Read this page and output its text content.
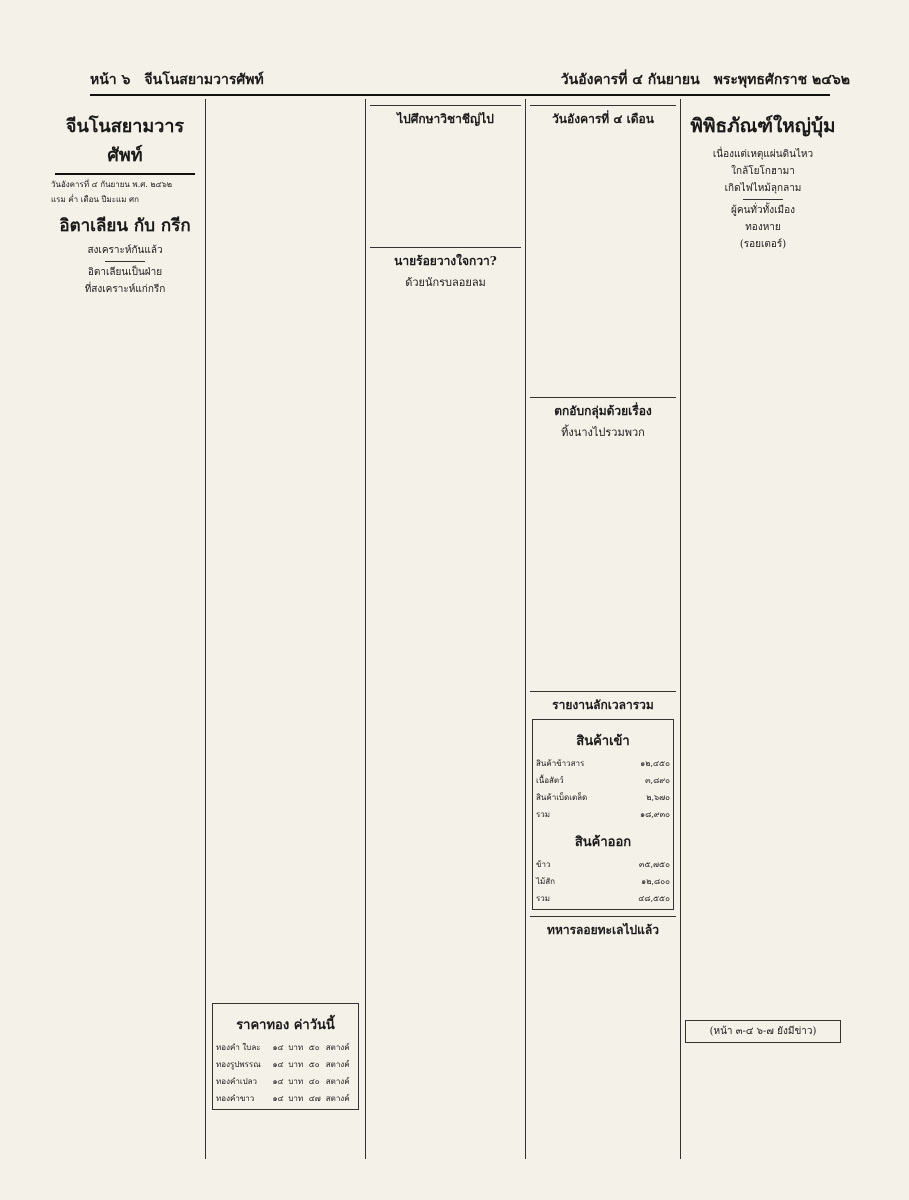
หน้า ๖ จีนโนสยามวารศัพท์	วันอังคารที่ ๔ กันยายน พระพุทธศักราช ๒๔๖๒
จีนโนสยามวารศัพท์
วันอังคารที่ ๔ กันยายน พ.ศ. ๒๔๖๒
แรม ค่ำ เดือน ปีมะแม ศก
อิตาเลียน กับ กรีก
สงเคราะห์กันแล้ว
อิตาเลียนเป็นฝ่าย
ที่สงเคราะห์แก่กรีก
ราคาทอง ค่าวันนี้
ทองคำ ใบละ	๑๔	บาท	๕๐	สตางค์
ทองรูปพรรณ	๑๔	บาท	๕๐	สตางค์
ทองคำเปลว	๑๔	บาท	๔๐	สตางค์
ทองคำขาว	๑๔	บาท	๔๗	สตางค์
ไปศึกษาวิชาชีญ่ไป
นายร้อยวางใจกวา?
ด้วยนักรบลอยลม
วันอังคารที่ ๔ เดือน
ตกอับกลุ่มด้วยเรื่อง
ทิ้งนางไปรวมพวก
รายงานลักเวลารวม
สินค้าเข้า
สินค้าข้าวสาร	๑๒,๔๕๐
เนื้อสัตว์	๓,๘๙๐
สินค้าเบ็ดเตล็ด	๒,๖๗๐
รวม	๑๘,๙๓๐
สินค้าออก
ข้าว	๓๕,๗๕๐
ไม้สัก	๑๒,๘๐๐
รวม	๔๘,๕๕๐
ทหารลอยทะเลไปแล้ว
พิพิธภัณฑ์ใหญ่บุ้ม
เนื่องแต่เหตุแผ่นดินไหว
ใกล้โยโกฮามา
เกิดไฟไหม้ลุกลาม
ผู้คนทั่วทั้งเมือง
ทองหาย
(รอยเตอร์)
(หน้า ๓-๔ ๖-๗ ยังมีข่าว)
